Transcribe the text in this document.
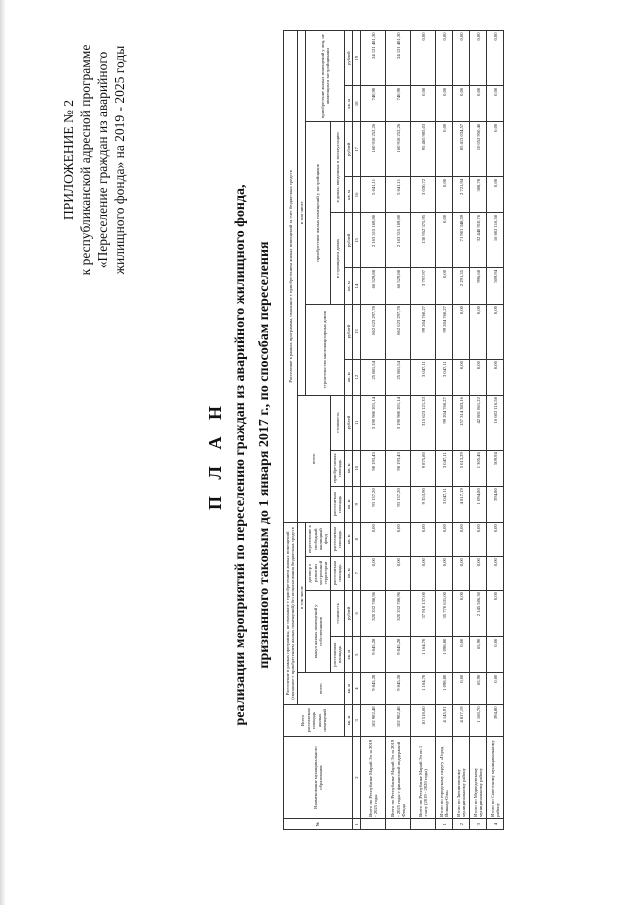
ПРИЛОЖЕНИЕ № 2 к республиканской адресной программе «Переселение граждан из аварийного жилищного фонда» на 2019 - 2025 годы
П Л А Н реализации мероприятий по переселению граждан из аварийного жилищного фонда, признанного таковым до 1 января 2017 г., по способам переселения
№	Наименование муниципального образования	Всего расселяемая площадь жилых помещений	Расселение в рамках программы, не связанное с приобретением жилых помещений (связанное с приобретением жилых помещений) без использования бюджетных средств					Расселение в рамках программы, связанное с приобретением жилых помещений за счет бюджетных средств										
			всего	в том числе				всего			в том числе							
				выкуп жилых помещений у собственников		договор о развитии застроенной территории	переселение в свободный жилищный фонд				строительство многоквартирных домов		приобретение жилых помещений у застройщиков				приобретение жилых помещений у лиц, не являющихся застройщиками	
				расселяемая площадь	стоимость	расселяемая площадь	расселяемая площадь	расселяемая площадь	приобретаемая площадь	стоимость			в строящихся домах		в домах, введенных в эксплуатацию			
		кв. м	кв. м	кв. м	рублей	кв. м	кв. м	кв. м	кв. м	рублей	кв. м	рублей	кв. м	рублей	кв. м	рублей	кв. м	рублей
1	2	3	4	5	6	7	8	9	10	11	12	13	14	15	16	17	18	19
	Всего по Республике Марий Эл за 2019 - 2025 годы	102 982,48	9 845,28	9 845,28	320 332 780,96	0,00	0,00	93 137,20	98 193,43	3 190 980 201,14	25 881,54	862 623 297,78	66 529,88	2 163 315 169,80	5 041,11	160 918 252,26	740,90	24 121 481,30
	Всего по Республике Марий Эл за 2019 - 2025 годы с финансовой поддержкой Фонда	102 982,48	9 845,28	9 845,28	320 332 780,96	0,00	0,00	93 137,20	98 193,43	3 190 980 201,14	25 881,54	862 623 297,78	66 529,88	2 163 315 169,80	5 041,11	160 918 252,26	740,90	24 121 481,30
	Всего по Республике Марий Эл по 1 этапу (2019 - 2020 годы)	10 518,60	1 164,70	1 164,70	37 910 137,00	0,00	0,00	9 353,90	9 875,80	315 623 121,33	3 047,11	99 204 760,27	3 797,97	130 952 375,95	3 030,72	95 465 985,03	0,00	0,00
1	Итого по городскому округу «Город Йошкар-Ола»	4 145,91	1 098,80	1 098,80	35 770 631,00	0,00	0,00	3 047,11	3 047,11	99 204 760,27	3 047,11	99 204 760,27	0,00	0,00	0,00	0,00	0,00	0,00
2	Итого по Звениговскому муниципальному району	4 817,19	0,00	0,00	0,00	0,00	0,00	4 817,19	5 013,29	157 314 383,16	0,00	0,00	2 291,35	71 901 348,59	2 721,94	85 413 034,57	0,00	0,00
3	Итого по Медведевскому муниципальному району	1 160,70	65,90	65,90	2 145 506,30	0,00	0,00	1 094,80	1 305,46	42 801 861,22	0,00	0,00	996,68	32 448 910,76	308,78	10 052 950,46	0,00	0,00
4	Итого по Советскому муниципальному району	394,80	0,00	0,00	0,00	0,00	0,00	394,80	509,94	16 602 116,58	0,00	0,00	509,94	16 602 116,58	0,00	0,00	0,00	0,00
